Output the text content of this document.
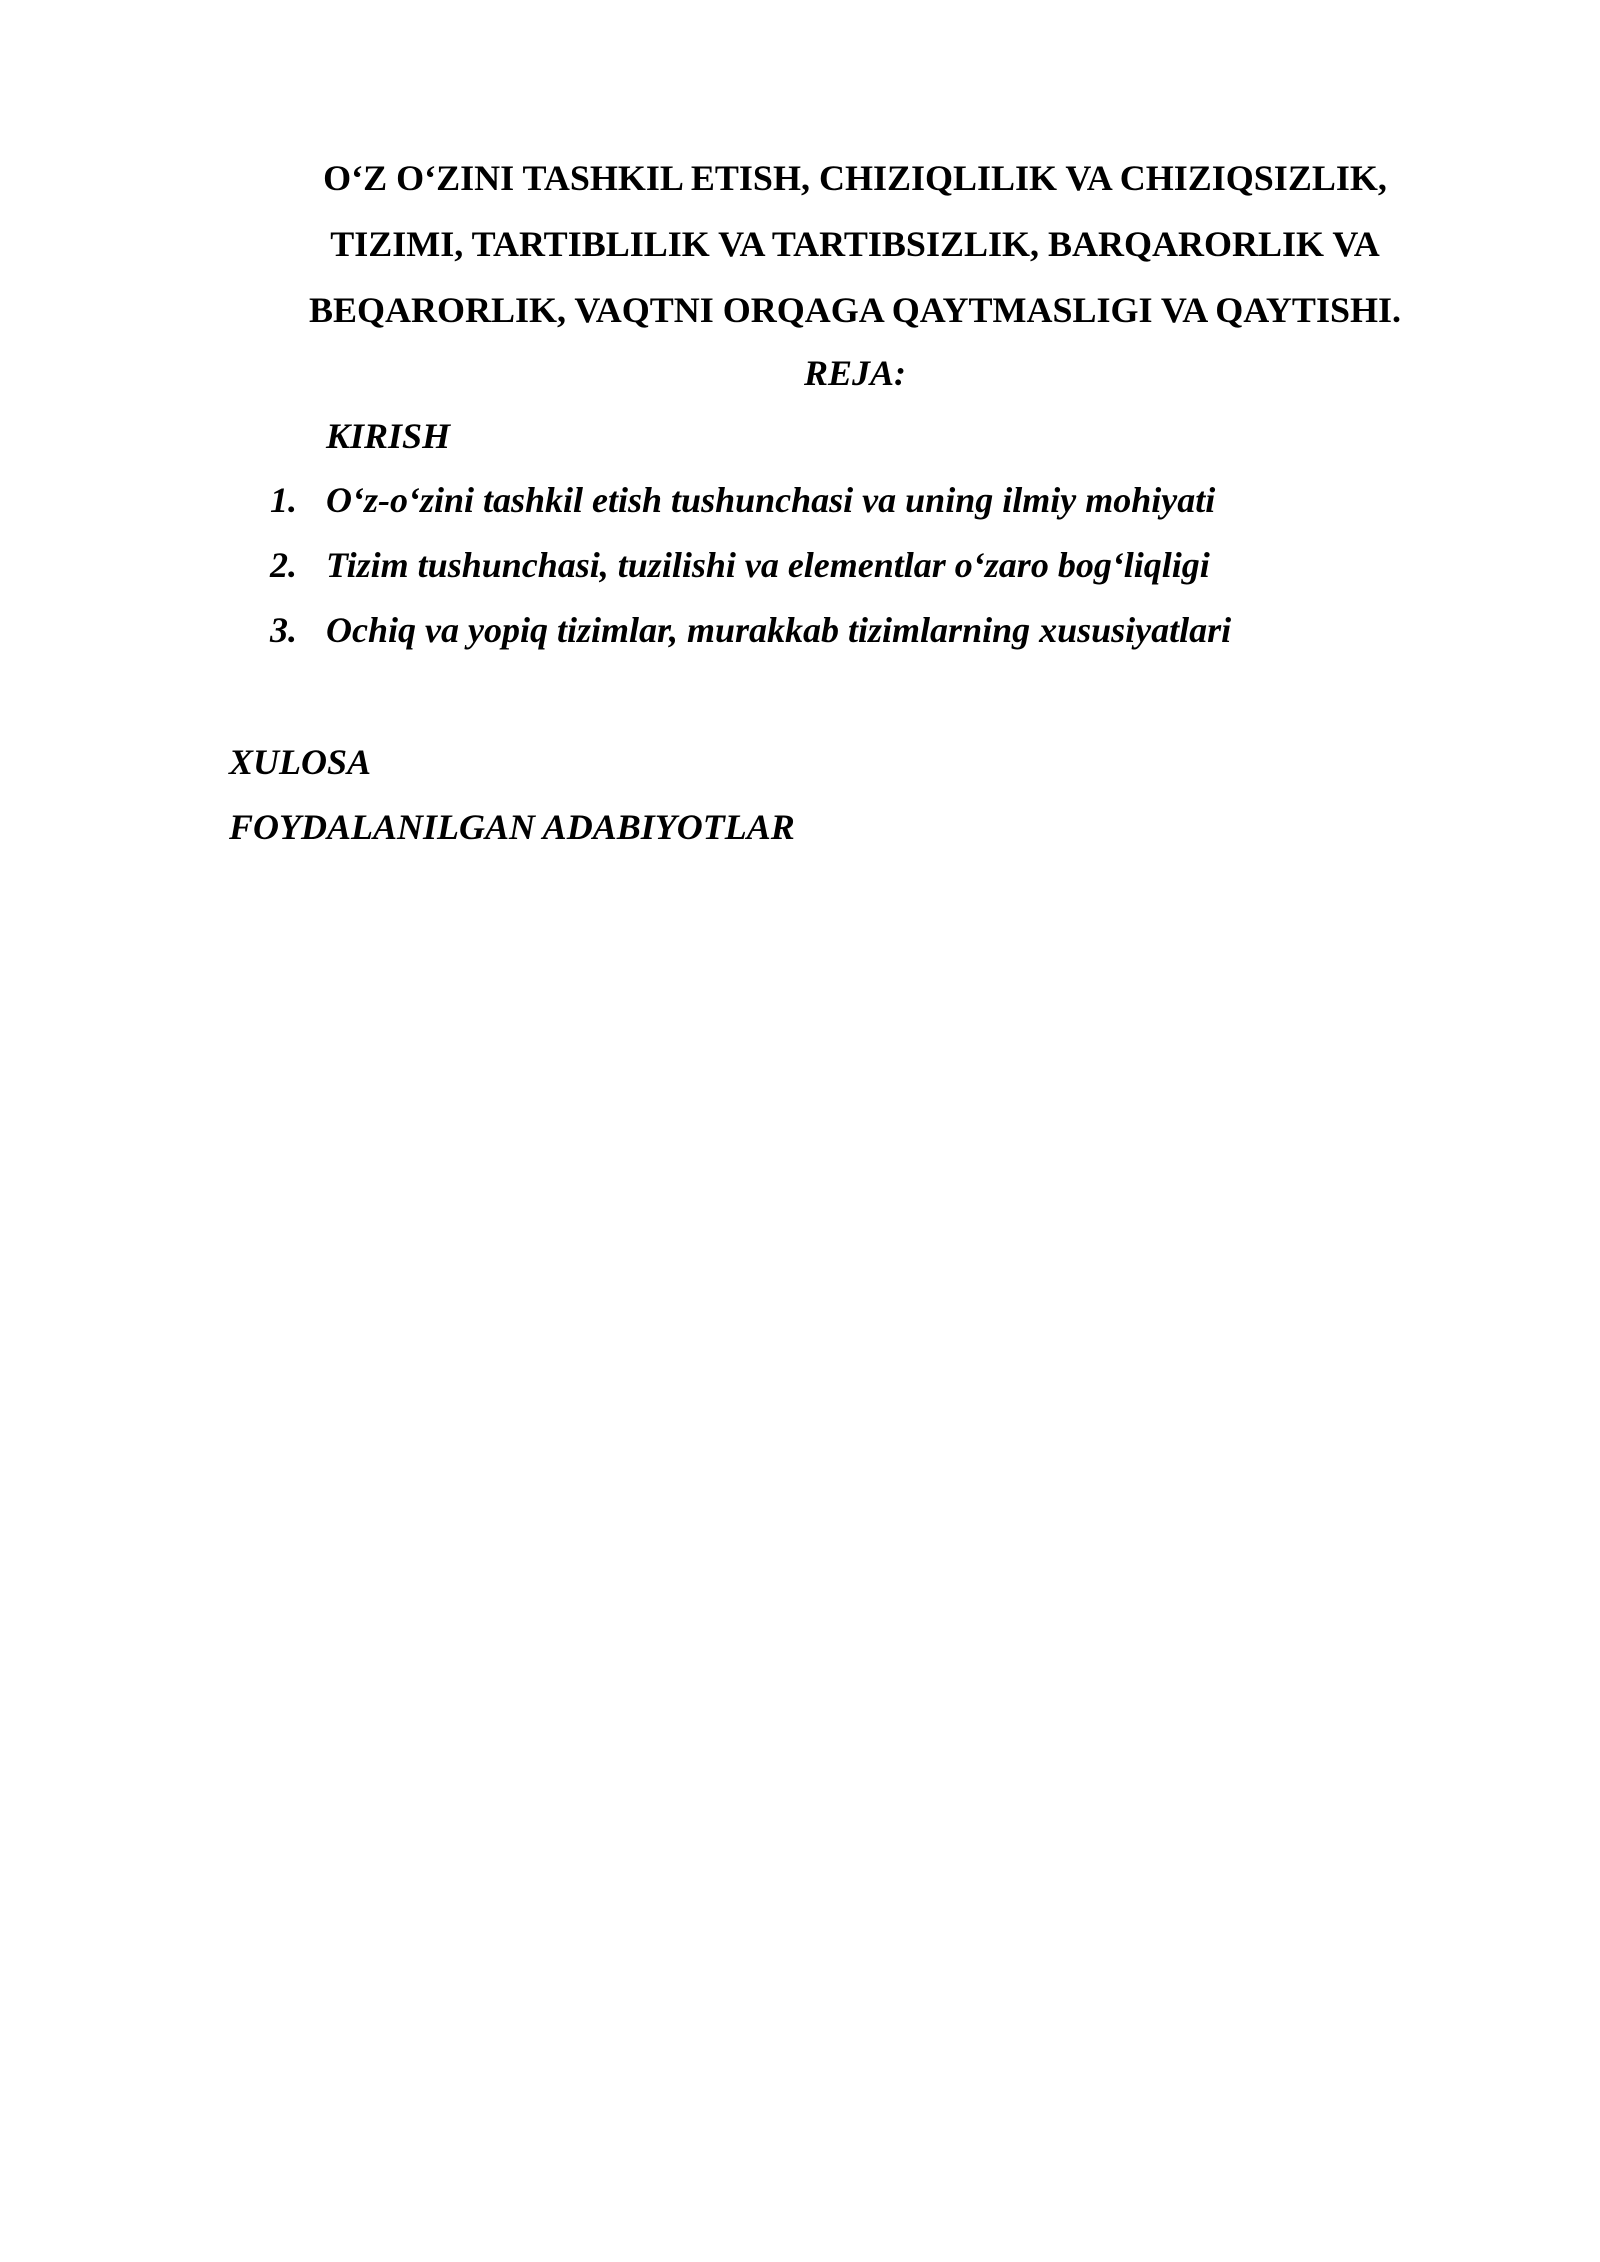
O‘Z O‘ZINI TASHKIL ETISH, CHIZIQLILIK VA CHIZIQSIZLIK,
TIZIMI, TARTIBLILIK VA TARTIBSIZLIK, BARQARORLIK VA
BEQARORLIK, VAQTNI ORQAGA QAYTMASLIGI VA QAYTISHI.

REJA:

KIRISH

1. O‘z-o‘zini tashkil etish tushunchasi va uning ilmiy mohiyati
2. Tizim tushunchasi, tuzilishi va elementlar o‘zaro bog‘liqligi
3. Ochiq va yopiq tizimlar, murakkab tizimlarning xususiyatlari
XULOSA
FOYDALANILGAN ADABIYOTLAR
